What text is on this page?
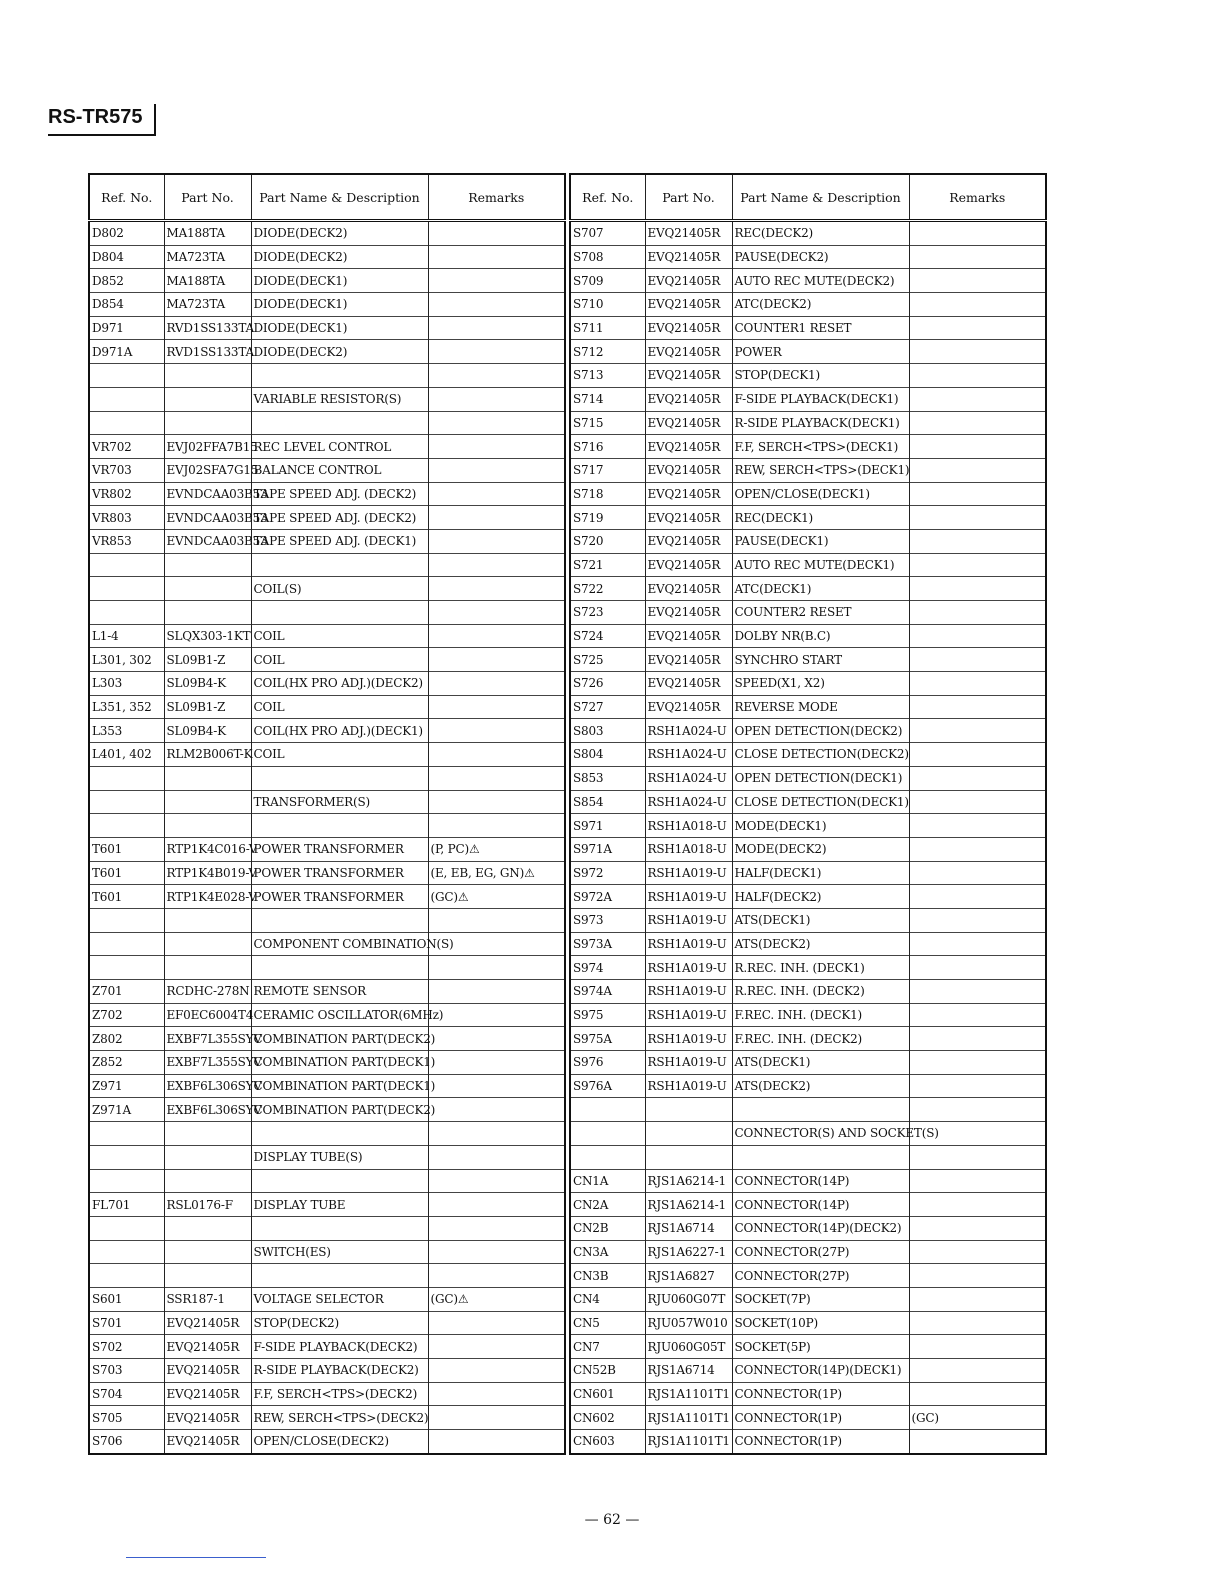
RS-TR575
Ref. No.	Part No.	Part Name & Description	Remarks
D802	MA188TA	DIODE(DECK2)	
D804	MA723TA	DIODE(DECK2)	
D852	MA188TA	DIODE(DECK1)	
D854	MA723TA	DIODE(DECK1)	
D971	RVD1SS133TA	DIODE(DECK1)	
D971A	RVD1SS133TA	DIODE(DECK2)	

		VARIABLE RESISTOR(S)	

VR702	EVJ02FFA7B15	REC LEVEL CONTROL	
VR703	EVJ02SFA7G15	BALANCE CONTROL	
VR802	EVNDCAA03B53	TAPE SPEED ADJ. (DECK2)	
VR803	EVNDCAA03B53	TAPE SPEED ADJ. (DECK2)	
VR853	EVNDCAA03B53	TAPE SPEED ADJ. (DECK1)	

		COIL(S)	

L1-4	SLQX303-1KT	COIL	
L301, 302	SL09B1-Z	COIL	
L303	SL09B4-K	COIL(HX PRO ADJ.)(DECK2)	
L351, 352	SL09B1-Z	COIL	
L353	SL09B4-K	COIL(HX PRO ADJ.)(DECK1)	
L401, 402	RLM2B006T-K	COIL	

		TRANSFORMER(S)	

T601	RTP1K4C016-V	POWER TRANSFORMER	(P, PC)⚠
T601	RTP1K4B019-V	POWER TRANSFORMER	(E, EB, EG, GN)⚠
T601	RTP1K4E028-V	POWER TRANSFORMER	(GC)⚠

		COMPONENT COMBINATION(S)	

Z701	RCDHC-278N	REMOTE SENSOR	
Z702	EF0EC6004T4	CERAMIC OSCILLATOR(6MHz)	
Z802	EXBF7L355SYV	COMBINATION PART(DECK2)	
Z852	EXBF7L355SYV	COMBINATION PART(DECK1)	
Z971	EXBF6L306SYV	COMBINATION PART(DECK1)	
Z971A	EXBF6L306SYV	COMBINATION PART(DECK2)	

		DISPLAY TUBE(S)	

FL701	RSL0176-F	DISPLAY TUBE	

		SWITCH(ES)	

S601	SSR187-1	VOLTAGE SELECTOR	(GC)⚠
S701	EVQ21405R	STOP(DECK2)	
S702	EVQ21405R	F-SIDE PLAYBACK(DECK2)	
S703	EVQ21405R	R-SIDE PLAYBACK(DECK2)	
S704	EVQ21405R	F.F, SERCH<TPS>(DECK2)	
S705	EVQ21405R	REW, SERCH<TPS>(DECK2)	
S706	EVQ21405R	OPEN/CLOSE(DECK2)	
Ref. No.	Part No.	Part Name & Description	Remarks
S707	EVQ21405R	REC(DECK2)	
S708	EVQ21405R	PAUSE(DECK2)	
S709	EVQ21405R	AUTO REC MUTE(DECK2)	
S710	EVQ21405R	ATC(DECK2)	
S711	EVQ21405R	COUNTER1 RESET	
S712	EVQ21405R	POWER	
S713	EVQ21405R	STOP(DECK1)	
S714	EVQ21405R	F-SIDE PLAYBACK(DECK1)	
S715	EVQ21405R	R-SIDE PLAYBACK(DECK1)	
S716	EVQ21405R	F.F, SERCH<TPS>(DECK1)	
S717	EVQ21405R	REW, SERCH<TPS>(DECK1)	
S718	EVQ21405R	OPEN/CLOSE(DECK1)	
S719	EVQ21405R	REC(DECK1)	
S720	EVQ21405R	PAUSE(DECK1)	
S721	EVQ21405R	AUTO REC MUTE(DECK1)	
S722	EVQ21405R	ATC(DECK1)	
S723	EVQ21405R	COUNTER2 RESET	
S724	EVQ21405R	DOLBY NR(B.C)	
S725	EVQ21405R	SYNCHRO START	
S726	EVQ21405R	SPEED(X1, X2)	
S727	EVQ21405R	REVERSE MODE	
S803	RSH1A024-U	OPEN DETECTION(DECK2)	
S804	RSH1A024-U	CLOSE DETECTION(DECK2)	
S853	RSH1A024-U	OPEN DETECTION(DECK1)	
S854	RSH1A024-U	CLOSE DETECTION(DECK1)	
S971	RSH1A018-U	MODE(DECK1)	
S971A	RSH1A018-U	MODE(DECK2)	
S972	RSH1A019-U	HALF(DECK1)	
S972A	RSH1A019-U	HALF(DECK2)	
S973	RSH1A019-U	ATS(DECK1)	
S973A	RSH1A019-U	ATS(DECK2)	
S974	RSH1A019-U	R.REC. INH. (DECK1)	
S974A	RSH1A019-U	R.REC. INH. (DECK2)	
S975	RSH1A019-U	F.REC. INH. (DECK1)	
S975A	RSH1A019-U	F.REC. INH. (DECK2)	
S976	RSH1A019-U	ATS(DECK1)	
S976A	RSH1A019-U	ATS(DECK2)	

		CONNECTOR(S) AND SOCKET(S)	

CN1A	RJS1A6214-1	CONNECTOR(14P)	
CN2A	RJS1A6214-1	CONNECTOR(14P)	
CN2B	RJS1A6714	CONNECTOR(14P)(DECK2)	
CN3A	RJS1A6227-1	CONNECTOR(27P)	
CN3B	RJS1A6827	CONNECTOR(27P)	
CN4	RJU060G07T	SOCKET(7P)	
CN5	RJU057W010	SOCKET(10P)	
CN7	RJU060G05T	SOCKET(5P)	
CN52B	RJS1A6714	CONNECTOR(14P)(DECK1)	
CN601	RJS1A1101T1	CONNECTOR(1P)	
CN602	RJS1A1101T1	CONNECTOR(1P)	(GC)
CN603	RJS1A1101T1	CONNECTOR(1P)	
— 62 —
